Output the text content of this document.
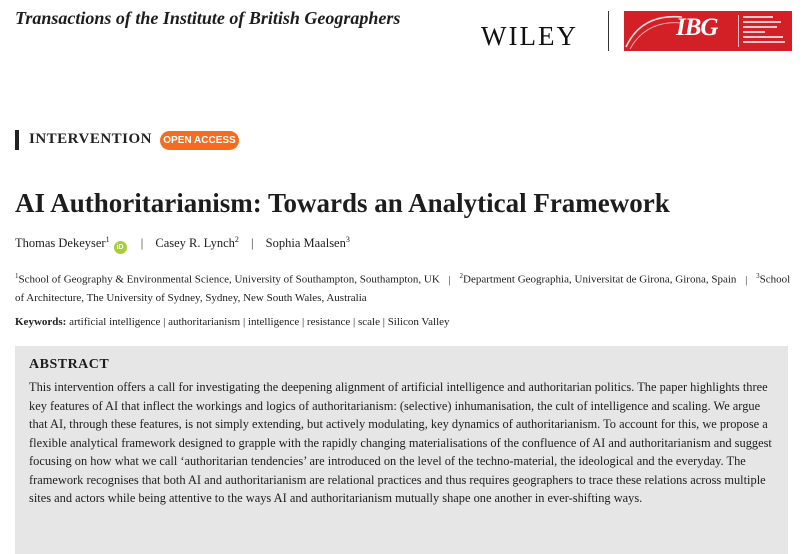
Transactions of the Institute of British Geographers
WILEY	IBG
INTERVENTION	OPEN ACCESS
AI Authoritarianism: Towards an Analytical Framework
Thomas Dekeyser$^1$iD | Casey R. Lynch$^2$ | Sophia Maalsen$^3$
$^1$School of Geography & Environmental Science, University of Southampton, Southampton, UK | $^2$Department Geographia, Universitat de Girona, Girona, Spain | $^3$School of Architecture, The University of Sydney, Sydney, New South Wales, Australia
Keywords: artificial intelligence | authoritarianism | intelligence | resistance | scale | Silicon Valley
ABSTRACT
This intervention offers a call for investigating the deepening alignment of artificial intelligence and authoritarian politics. The paper highlights three key features of AI that inflect the workings and logics of authoritarianism: (selective) inhumanisation, the cult of intelligence and scaling. We argue that AI, through these features, is not simply extending, but actively modulating, key dynamics of authoritarianism. To account for this, we propose a flexible analytical framework designed to grapple with the rapidly changing materialisations of the confluence of AI and authoritarianism and suggest focusing on how what we call ‘authoritarian tendencies’ are introduced on the level of the techno-material, the ideological and the everyday. The framework recognises that both AI and authoritarianism are relational practices and thus requires geographers to trace these relations across multiple sites and actors while being attentive to the ways AI and authoritarianism mutually shape one another in ever-shifting ways.
